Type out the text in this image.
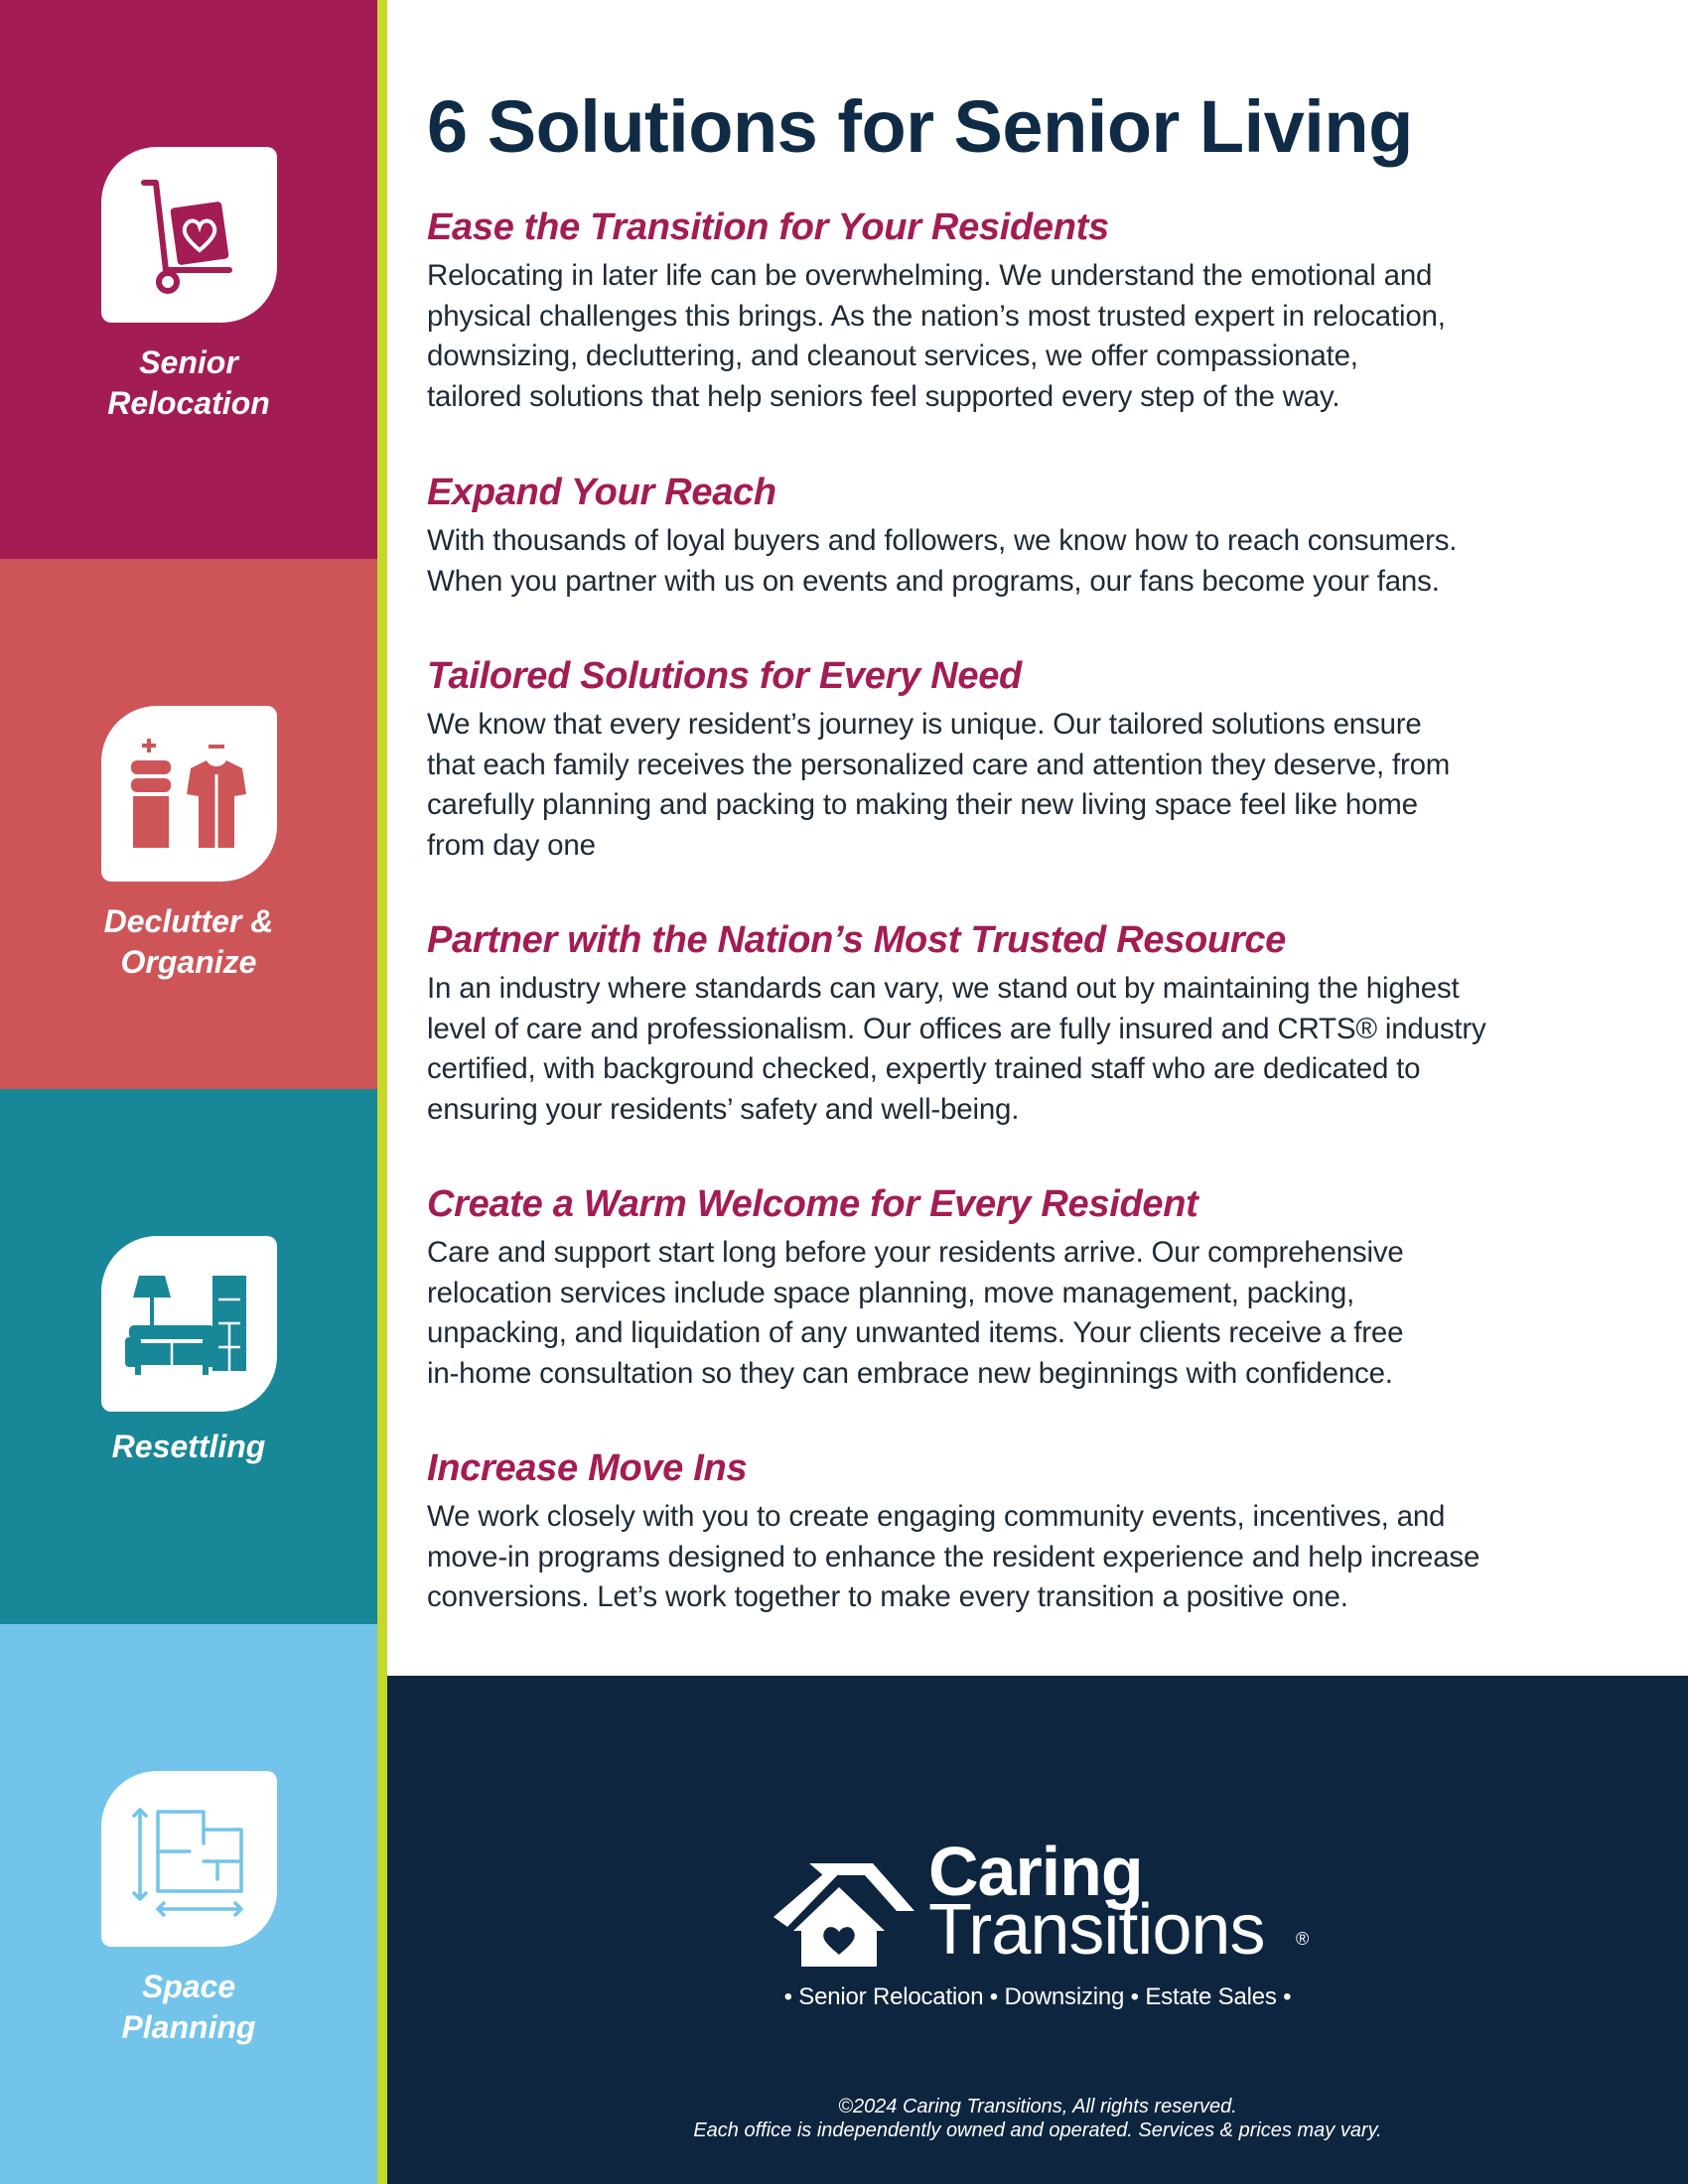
Senior
Relocation
Declutter &
Organize
Resettling
Space
Planning
6 Solutions for Senior Living
Ease the Transition for Your Residents

Relocating in later life can be overwhelming. We understand the emotional and
physical challenges this brings. As the nation’s most trusted expert in relocation,
downsizing, decluttering, and cleanout services, we offer compassionate,
tailored solutions that help seniors feel supported every step of the way.

Expand Your Reach

With thousands of loyal buyers and followers, we know how to reach consumers.
When you partner with us on events and programs, our fans become your fans.

Tailored Solutions for Every Need

We know that every resident’s journey is unique. Our tailored solutions ensure
that each family receives the personalized care and attention they deserve, from
carefully planning and packing to making their new living space feel like home
from day one

Partner with the Nation’s Most Trusted Resource

In an industry where standards can vary, we stand out by maintaining the highest
level of care and professionalism. Our offices are fully insured and CRTS® industry
certified, with background checked, expertly trained staff who are dedicated to
ensuring your residents’ safety and well-being.

Create a Warm Welcome for Every Resident

Care and support start long before your residents arrive. Our comprehensive
relocation services include space planning, move management, packing,
unpacking, and liquidation of any unwanted items. Your clients receive a free
in-home consultation so they can embrace new beginnings with confidence.

Increase Move Ins

We work closely with you to create engaging community events, incentives, and
move-in programs designed to enhance the resident experience and help increase
conversions. Let’s work together to make every transition a positive one.

Caring
Transitions ®
• Senior Relocation • Downsizing • Estate Sales •
©2024 Caring Transitions, All rights reserved.
Each office is independently owned and operated. Services & prices may vary.
